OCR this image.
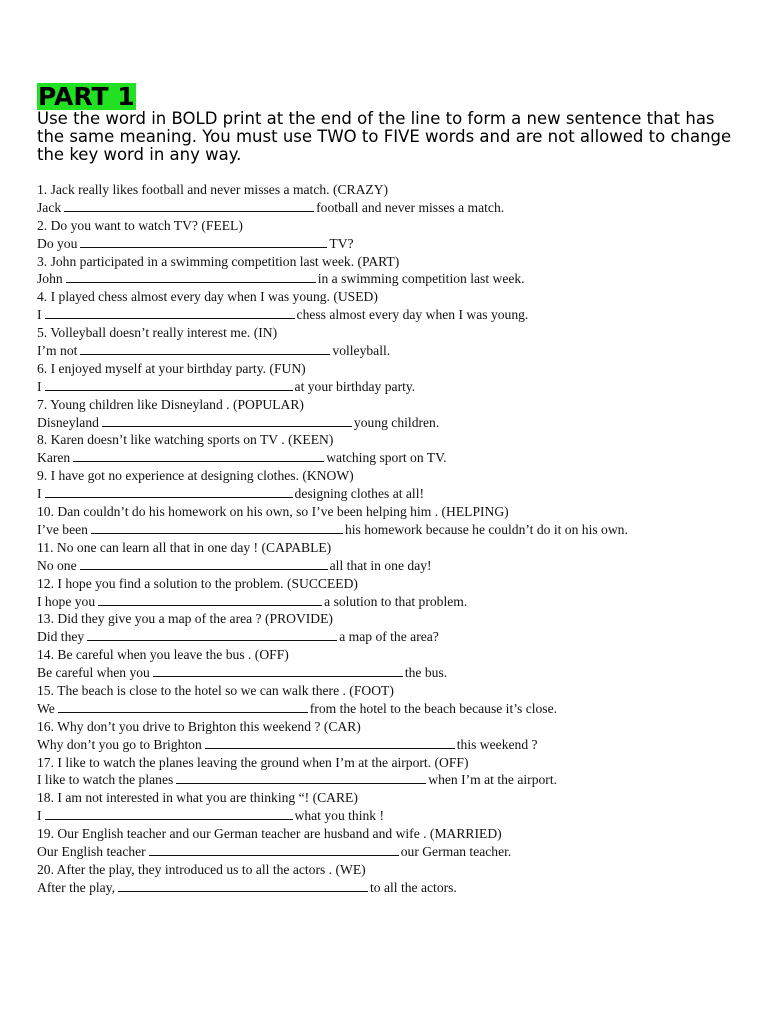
PART 1

Use the word in BOLD print at the end of the line to form a new sentence that has the same meaning. You must use TWO to FIVE words and are not allowed to change the key word in any way.

1. Jack really likes football and never misses a match. (CRAZY)
Jack	football and never misses a match.
2. Do you want to watch TV? (FEEL)
Do you	TV?
3. John participated in a swimming competition last week. (PART)
John	in a swimming competition last week.
4. I played chess almost every day when I was young. (USED)
I	chess almost every day when I was young.
5. Volleyball doesn’t really interest me. (IN)
I’m not	volleyball.
6. I enjoyed myself at your birthday party. (FUN)
I	at your birthday party.
7. Young children like Disneyland . (POPULAR)
Disneyland	young children.
8. Karen doesn’t like watching sports on TV . (KEEN)
Karen	watching sport on TV.
9. I have got no experience at designing clothes. (KNOW)
I	designing clothes at all!
10. Dan couldn’t do his homework on his own, so I’ve been helping him . (HELPING)
I’ve been	his homework because he couldn’t do it on his own.
11. No one can learn all that in one day ! (CAPABLE)
No one	all that in one day!
12. I hope you find a solution to the problem. (SUCCEED)
I hope you	a solution to that problem.
13. Did they give you a map of the area ? (PROVIDE)
Did they	a map of the area?
14. Be careful when you leave the bus . (OFF)
Be careful when you	the bus.
15. The beach is close to the hotel so we can walk there . (FOOT)
We	from the hotel to the beach because it’s close.
16. Why don’t you drive to Brighton this weekend ? (CAR)
Why don’t you go to Brighton	this weekend ?
17. I like to watch the planes leaving the ground when I’m at the airport. (OFF)
I like to watch the planes	when I’m at the airport.
18. I am not interested in what you are thinking “! (CARE)
I	what you think !
19. Our English teacher and our German teacher are husband and wife . (MARRIED)
Our English teacher	our German teacher.
20. After the play, they introduced us to all the actors . (WE)
After the play,	to all the actors.
